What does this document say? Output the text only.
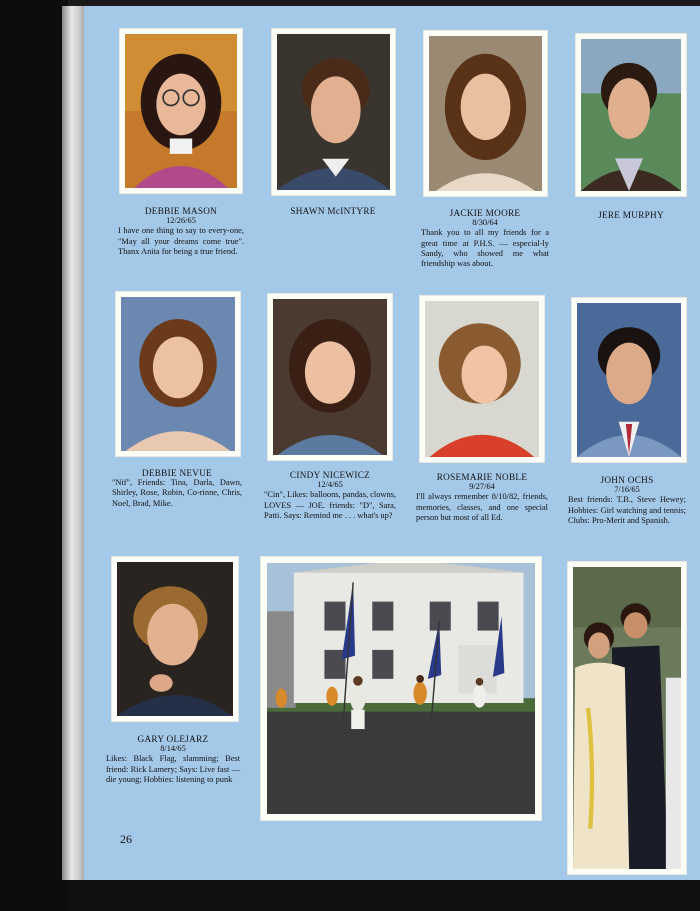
DEBBIE MASON
12/26/65
I have one thing to say to every-one, "May all your dreams come true". Thanx Anita for being a true friend.
SHAWN McINTYRE	JACKIE MOORE
8/30/64
Thank you to all my friends for a great time at P.H.S. — especial-ly Sandy, who showed me what friendship was about.
JERE MURPHY
DEBBIE NEVUE
"Nif", Friends: Tina, Darla, Dawn, Shirley, Rose, Robin, Co-rinne, Chris, Noel, Brad, Mike.
CINDY NICEWICZ
12/4/65
"Cin", Likes: balloons, pandas, clowns, LOVES — JOE. friends: "D", Sara, Patti. Says: Remind me . . . what's up?
ROSEMARIE NOBLE
9/27/64
I'll always remember 8/10/82, friends, memories, classes, and one special person but most of all Ed.
JOHN OCHS
7/16/65
Best friends: T.B., Steve Hewey; Hobbies: Girl watching and tennis; Clubs: Pro-Merit and Spanish.
GARY OLEJARZ
8/14/65
Likes: Black Flag, slamming; Best friend: Rick Lamery; Says: Live fast — die young; Hobbies: listening to punk
26
